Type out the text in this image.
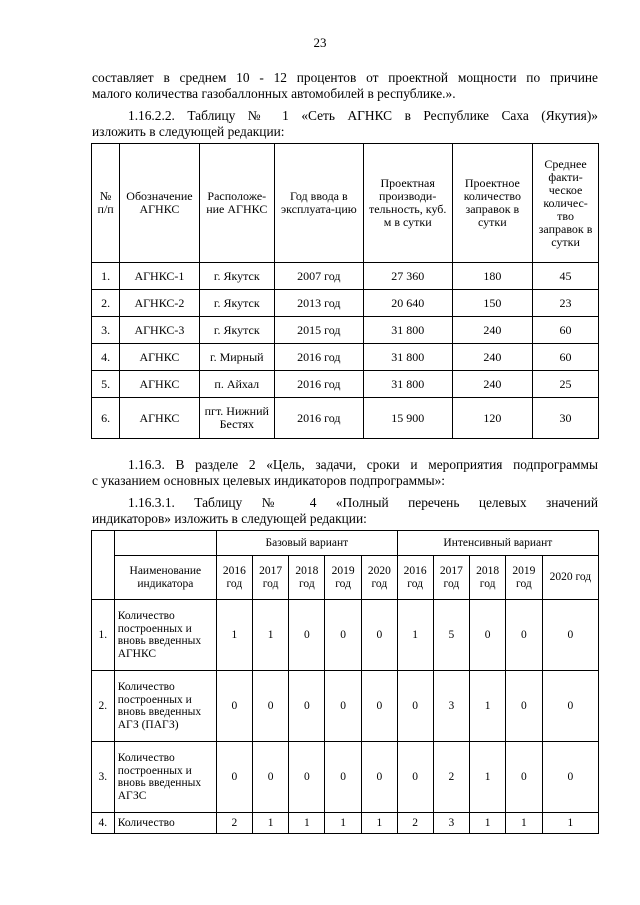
23
составляет в среднем 10 - 12 процентов от проектной мощности по причине
малого количества газобаллонных автомобилей в республике.».
1.16.2.2. Таблицу № 1 «Сеть АГНКС в Республике Саха (Якутия)»
изложить в следующей редакции:
№ п/п	Обозначение АГНКС	Расположе-ние АГНКС	Год ввода в эксплуата-цию	Проектная производи-тельность, куб. м в сутки	Проектное количество заправок в сутки	Среднее факти-ческое количес-тво заправок в сутки
1.	АГНКС-1	г. Якутск	2007 год	27 360	180	45
2.	АГНКС-2	г. Якутск	2013 год	20 640	150	23
3.	АГНКС-3	г. Якутск	2015 год	31 800	240	60
4.	АГНКС	г. Мирный	2016 год	31 800	240	60
5.	АГНКС	п. Айхал	2016 год	31 800	240	25
6.	АГНКС	пгт. Нижний Бестях	2016 год	15 900	120	30
1.16.3. В разделе 2 «Цель, задачи, сроки и мероприятия подпрограммы
с указанием основных целевых индикаторов подпрограммы»:
1.16.3.1. Таблицу № 4 «Полный перечень целевых значений
индикаторов» изложить в следующей редакции:
		Базовый вариант					Интенсивный вариант				
	Наименование индикатора	2016 год	2017 год	2018 год	2019 год	2020 год	2016 год	2017 год	2018 год	2019 год	2020 год
1.	Количество построенных и вновь введенных АГНКС	1	1	0	0	0	1	5	0	0	0
2.	Количество построенных и вновь введенных АГЗ (ПАГЗ)	0	0	0	0	0	0	3	1	0	0
3.	Количество построенных и вновь введенных АГЗС	0	0	0	0	0	0	2	1	0	0
4.	Количество	2	1	1	1	1	2	3	1	1	1
